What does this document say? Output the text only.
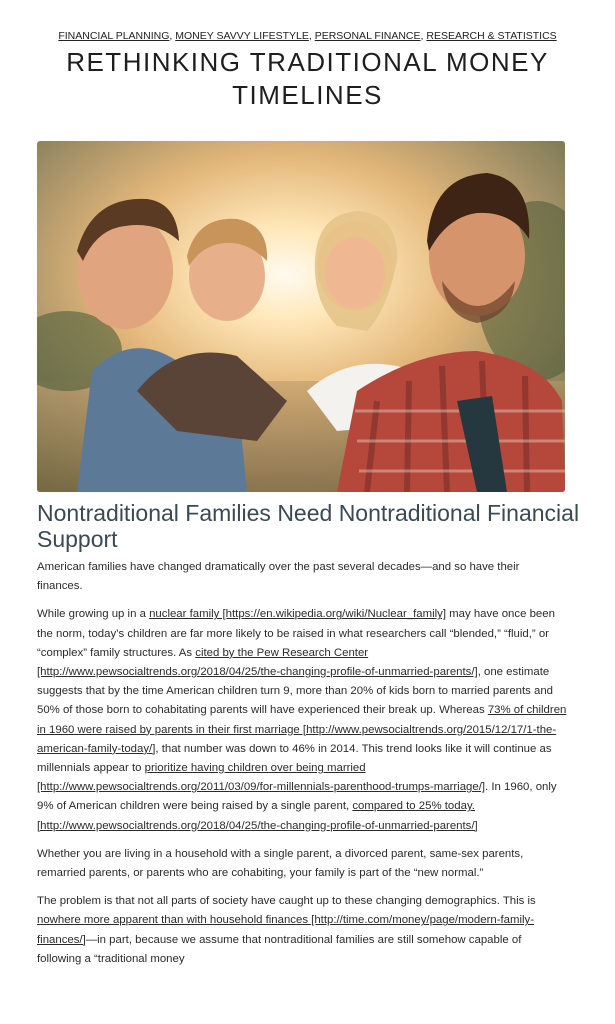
FINANCIAL PLANNING, MONEY SAVVY LIFESTYLE, PERSONAL FINANCE, RESEARCH & STATISTICS
RETHINKING TRADITIONAL MONEY TIMELINES
Nontraditional Families Need Nontraditional Financial Support

American families have changed dramatically over the past several decades—and so have their finances.

While growing up in a nuclear family [https://en.wikipedia.org/wiki/Nuclear_family] may have once been the norm, today’s children are far more likely to be raised in what researchers call “blended,” “fluid,” or “complex” family structures. As cited by the Pew Research Center [http://www.pewsocialtrends.org/2018/04/25/the-changing-profile-of-unmarried-parents/], one estimate suggests that by the time American children turn 9, more than 20% of kids born to married parents and 50% of those born to cohabitating parents will have experienced their break up. Whereas 73% of children in 1960 were raised by parents in their first marriage [http://www.pewsocialtrends.org/2015/12/17/1-the-american-family-today/], that number was down to 46% in 2014. This trend looks like it will continue as millennials appear to prioritize having children over being married [http://www.pewsocialtrends.org/2011/03/09/for-millennials-parenthood-trumps-marriage/]. In 1960, only 9% of American children were being raised by a single parent, compared to 25% today. [http://www.pewsocialtrends.org/2018/04/25/the-changing-profile-of-unmarried-parents/]

Whether you are living in a household with a single parent, a divorced parent, same-sex parents, remarried parents, or parents who are cohabiting, your family is part of the “new normal.”

The problem is that not all parts of society have caught up to these changing demographics. This is nowhere more apparent than with household finances [http://time.com/money/page/modern-family-finances/]—in part, because we assume that nontraditional families are still somehow capable of following a “traditional money
